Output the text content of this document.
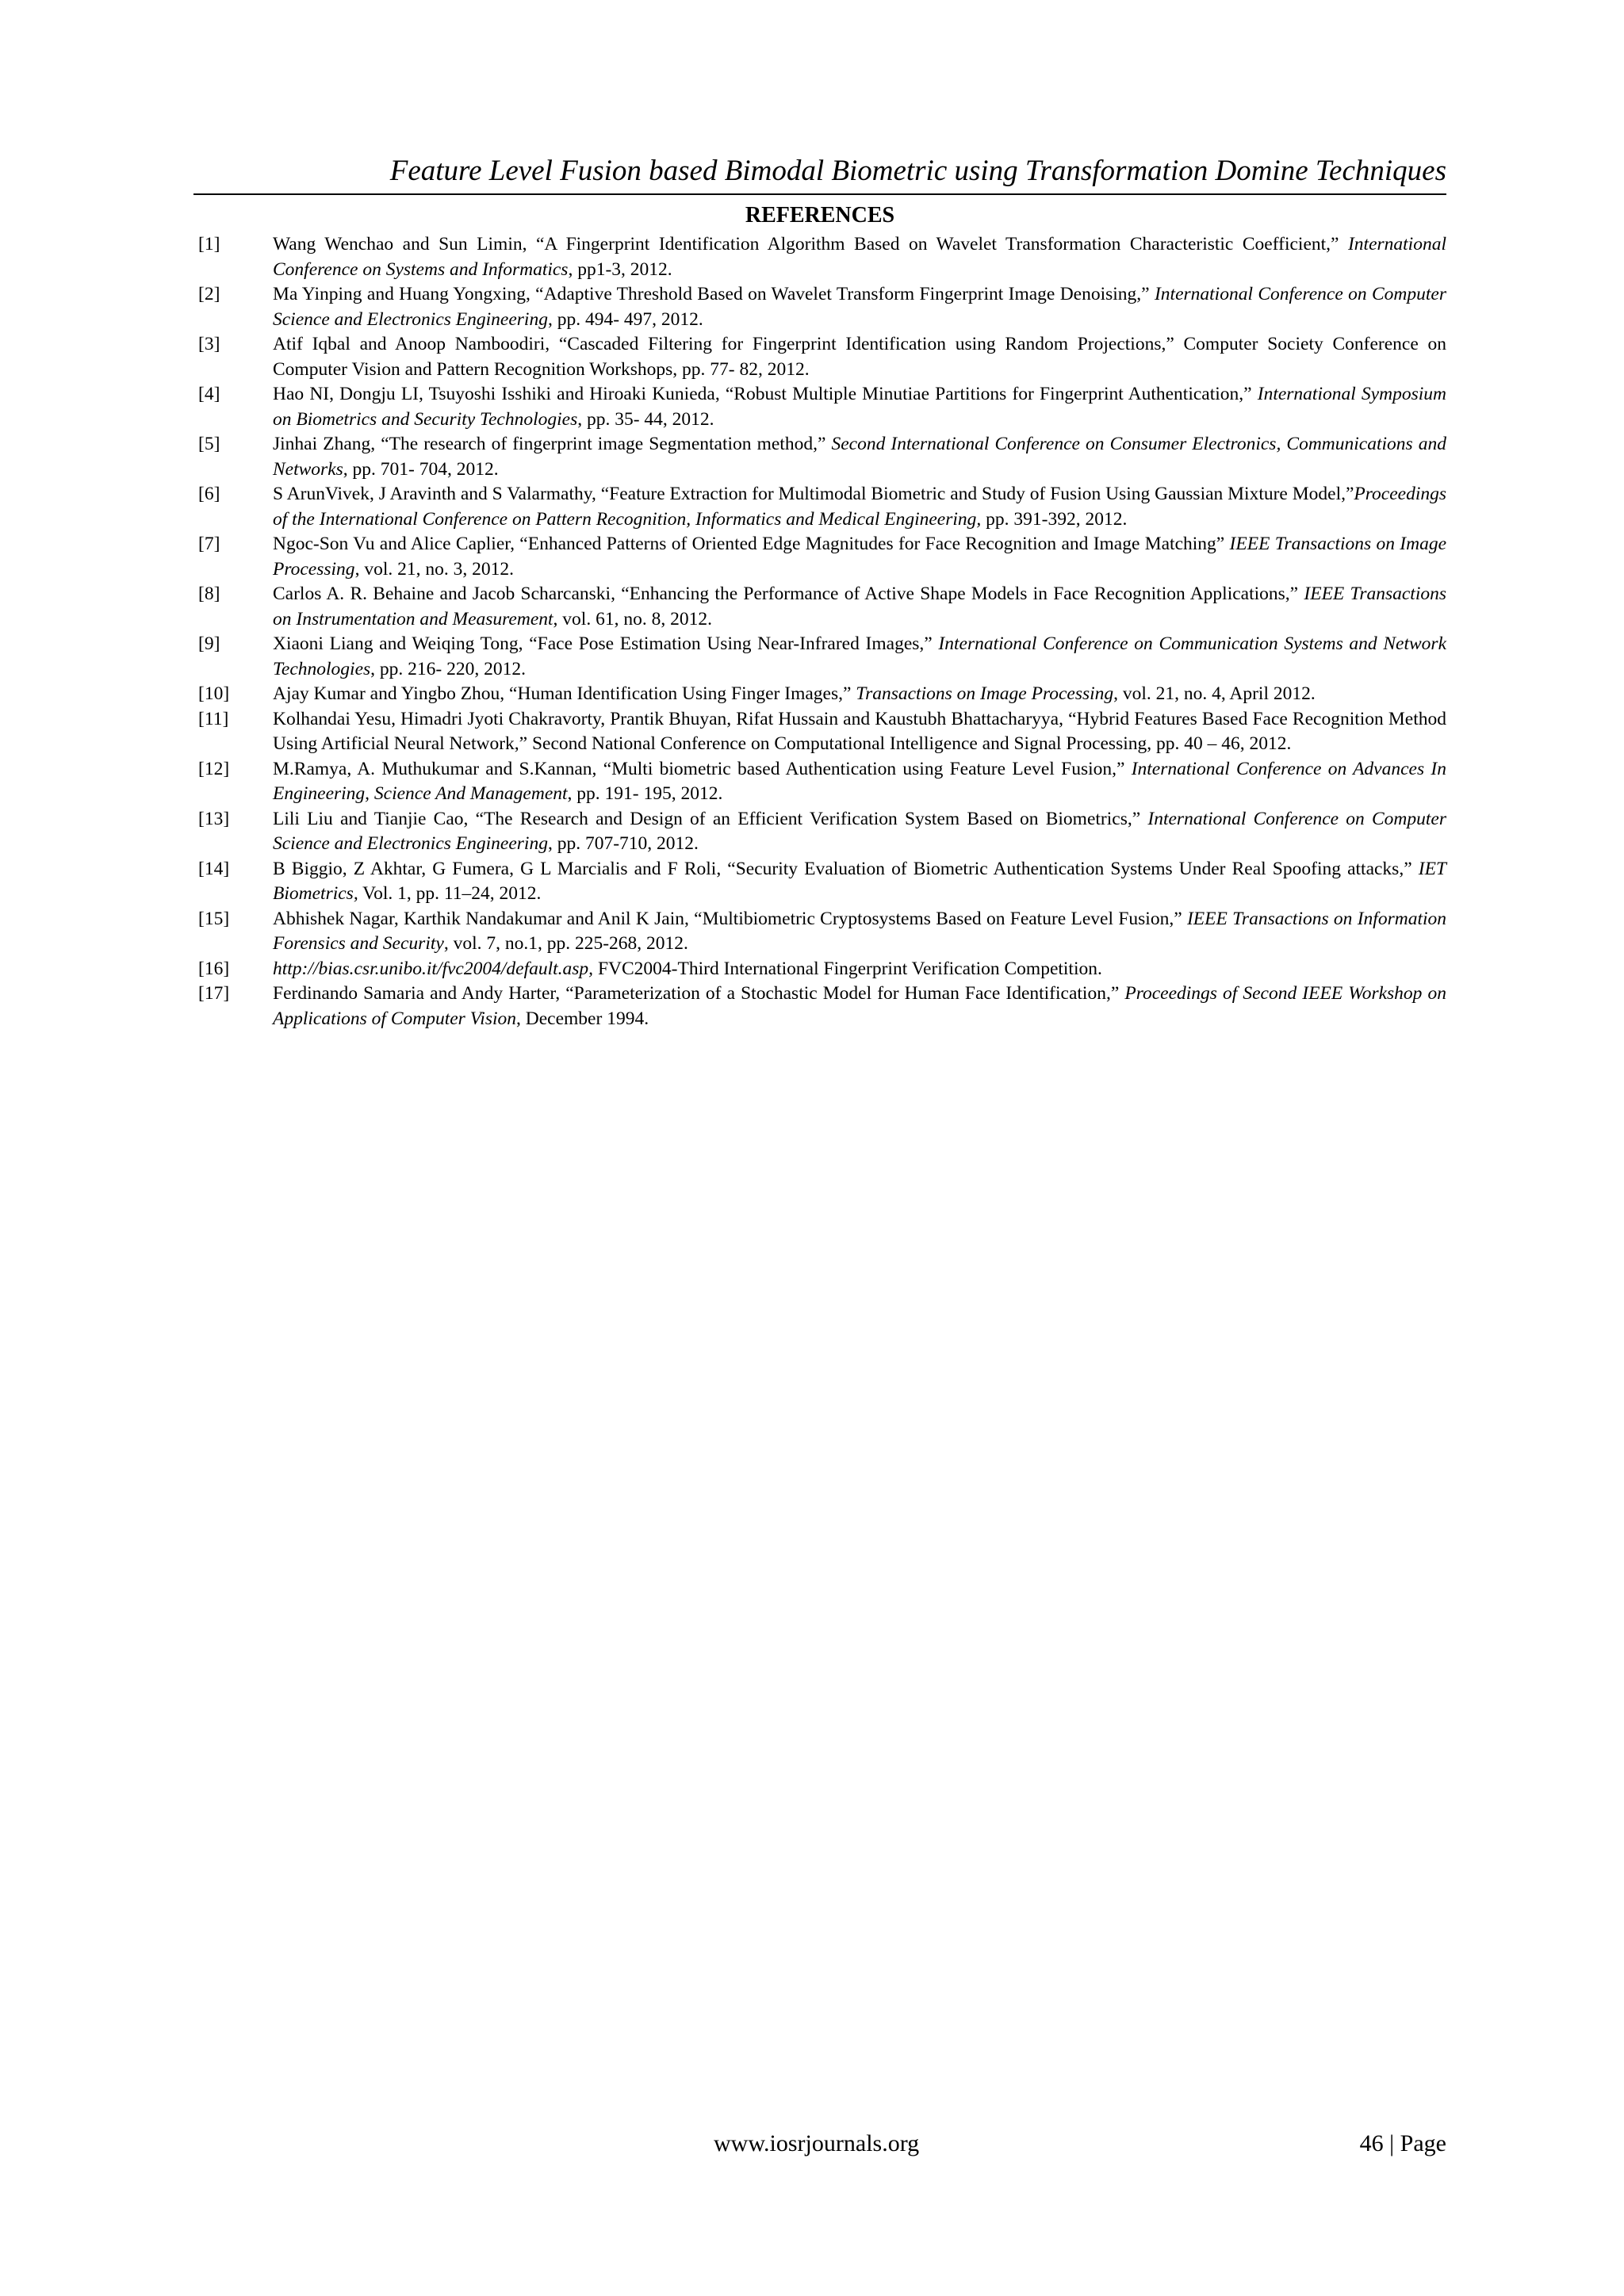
Feature Level Fusion based Bimodal Biometric using Transformation Domine Techniques
REFERENCES
[1]	Wang Wenchao and Sun Limin, “A Fingerprint Identification Algorithm Based on Wavelet Transformation Characteristic Coefficient,” International Conference on Systems and Informatics, pp1-3, 2012.
[2]	Ma Yinping and Huang Yongxing, “Adaptive Threshold Based on Wavelet Transform Fingerprint Image Denoising,” International Conference on Computer Science and Electronics Engineering, pp. 494- 497, 2012.
[3]	Atif Iqbal and Anoop Namboodiri, “Cascaded Filtering for Fingerprint Identification using Random Projections,” Computer Society Conference on Computer Vision and Pattern Recognition Workshops, pp. 77- 82, 2012.
[4]	Hao NI, Dongju LI, Tsuyoshi Isshiki and Hiroaki Kunieda, “Robust Multiple Minutiae Partitions for Fingerprint Authentication,” International Symposium on Biometrics and Security Technologies, pp. 35- 44, 2012.
[5]	Jinhai Zhang, “The research of fingerprint image Segmentation method,” Second International Conference on Consumer Electronics, Communications and Networks, pp. 701- 704, 2012.
[6]	S ArunVivek, J Aravinth and S Valarmathy, “Feature Extraction for Multimodal Biometric and Study of Fusion Using Gaussian Mixture Model,”Proceedings of the International Conference on Pattern Recognition, Informatics and Medical Engineering, pp. 391-392, 2012.
[7]	Ngoc-Son Vu and Alice Caplier, “Enhanced Patterns of Oriented Edge Magnitudes for Face Recognition and Image Matching” IEEE Transactions on Image Processing, vol. 21, no. 3, 2012.
[8]	Carlos A. R. Behaine and Jacob Scharcanski, “Enhancing the Performance of Active Shape Models in Face Recognition Applications,” IEEE Transactions on Instrumentation and Measurement, vol. 61, no. 8, 2012.
[9]	Xiaoni Liang and Weiqing Tong, “Face Pose Estimation Using Near-Infrared Images,” International Conference on Communication Systems and Network Technologies, pp. 216- 220, 2012.
[10]	Ajay Kumar and Yingbo Zhou, “Human Identification Using Finger Images,” Transactions on Image Processing, vol. 21, no. 4, April 2012.
[11]	Kolhandai Yesu, Himadri Jyoti Chakravorty, Prantik Bhuyan, Rifat Hussain and Kaustubh Bhattacharyya, “Hybrid Features Based Face Recognition Method Using Artificial Neural Network,” Second National Conference on Computational Intelligence and Signal Processing, pp. 40 – 46, 2012.
[12]	M.Ramya, A. Muthukumar and S.Kannan, “Multi biometric based Authentication using Feature Level Fusion,” International Conference on Advances In Engineering, Science And Management, pp. 191- 195, 2012.
[13]	Lili Liu and Tianjie Cao, “The Research and Design of an Efficient Verification System Based on Biometrics,” International Conference on Computer Science and Electronics Engineering, pp. 707-710, 2012.
[14]	B Biggio, Z Akhtar, G Fumera, G L Marcialis and F Roli, “Security Evaluation of Biometric Authentication Systems Under Real Spoofing attacks,” IET Biometrics, Vol. 1, pp. 11–24, 2012.
[15]	Abhishek Nagar, Karthik Nandakumar and Anil K Jain, “Multibiometric Cryptosystems Based on Feature Level Fusion,” IEEE Transactions on Information Forensics and Security, vol. 7, no.1, pp. 225-268, 2012.
[16]	http://bias.csr.unibo.it/fvc2004/default.asp, FVC2004-Third International Fingerprint Verification Competition.
[17]	Ferdinando Samaria and Andy Harter, “Parameterization of a Stochastic Model for Human Face Identification,” Proceedings of Second IEEE Workshop on Applications of Computer Vision, December 1994.
www.iosrjournals.org	46 | Page
